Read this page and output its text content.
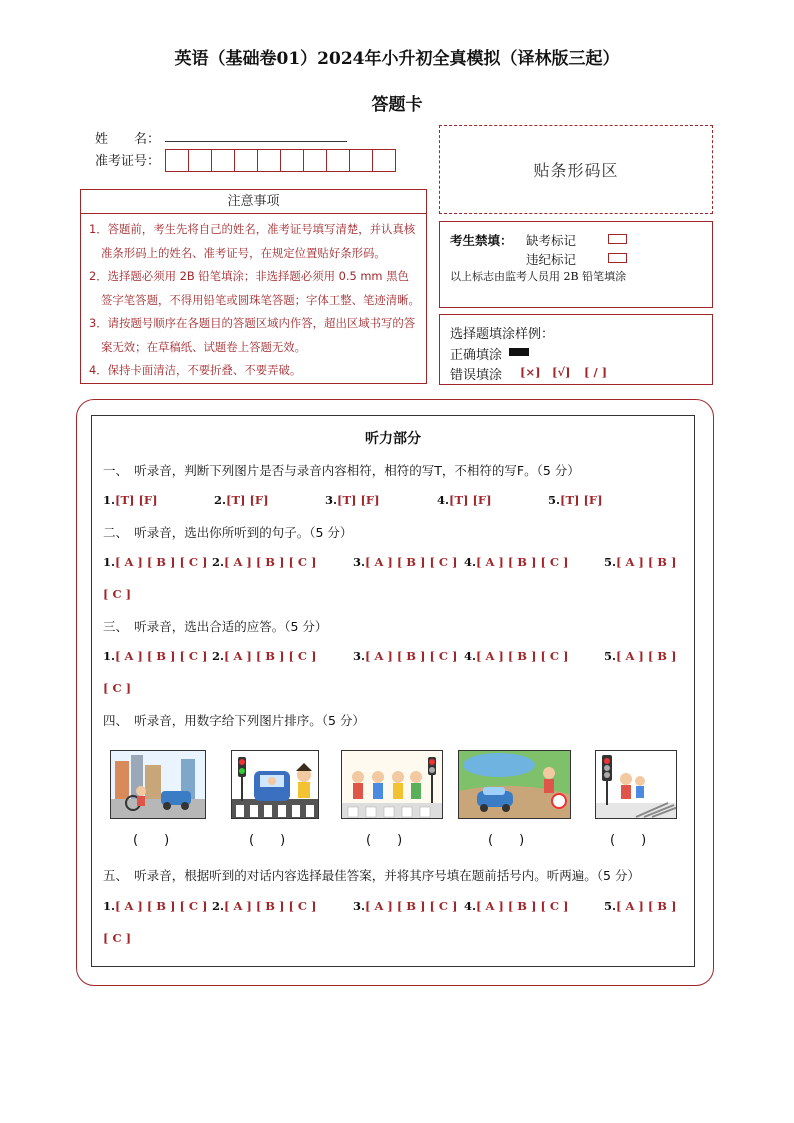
英语（基础卷01）2024年小升初全真模拟（译林版三起）
答题卡
姓　　名：
准考证号：	贴条形码区
注意事项
1．答题前，考生先将自己的姓名，准考证号填写清楚，并认真核准条形码上的姓名、准考证号，在规定位置贴好条形码。
2．选择题必须用 2B 铅笔填涂；非选择题必须用 0.5 mm 黑色签字笔答题，不得用铅笔或圆珠笔答题；字体工整、笔迹清晰。
3．请按题号顺序在各题目的答题区域内作答，超出区域书写的答案无效；在草稿纸、试题卷上答题无效。
4．保持卡面清洁，不要折叠、不要弄破。
考生禁填： 缺考标记
违纪标记
以上标志由监考人员用 2B 铅笔填涂
选择题填涂样例：
正确填涂
错误填涂 [×] [√] [ / ]
听力部分
一、　听录音，判断下列图片是否与录音内容相符，相符的写T，不相符的写F。（5 分）
1.[T] [F]	2.[T] [F]	3.[T] [F]	4.[T] [F]	5.[T] [F]
二、　听录音，选出你所听到的句子。（5 分）
1.[ A ] [ B ] [ C ] 2.[ A ] [ B ] [ C ]	3.[ A ] [ B ] [ C ] 4.[ A ] [ B ] [ C ]	5.[ A ] [ B ]
[ C ]
三、　听录音，选出合适的应答。（5 分）
1.[ A ] [ B ] [ C ] 2.[ A ] [ B ] [ C ]	3.[ A ] [ B ] [ C ] 4.[ A ] [ B ] [ C ]	5.[ A ] [ B ]
[ C ]
四、　听录音，用数字给下列图片排序。（5 分）
(　　)	(　　)	(　　)	(　　)	(　　)
五、　听录音，根据听到的对话内容选择最佳答案，并将其序号填在题前括号内。听两遍。（5 分）
1.[ A ] [ B ] [ C ] 2.[ A ] [ B ] [ C ]	3.[ A ] [ B ] [ C ] 4.[ A ] [ B ] [ C ]	5.[ A ] [ B ]
[ C ]
